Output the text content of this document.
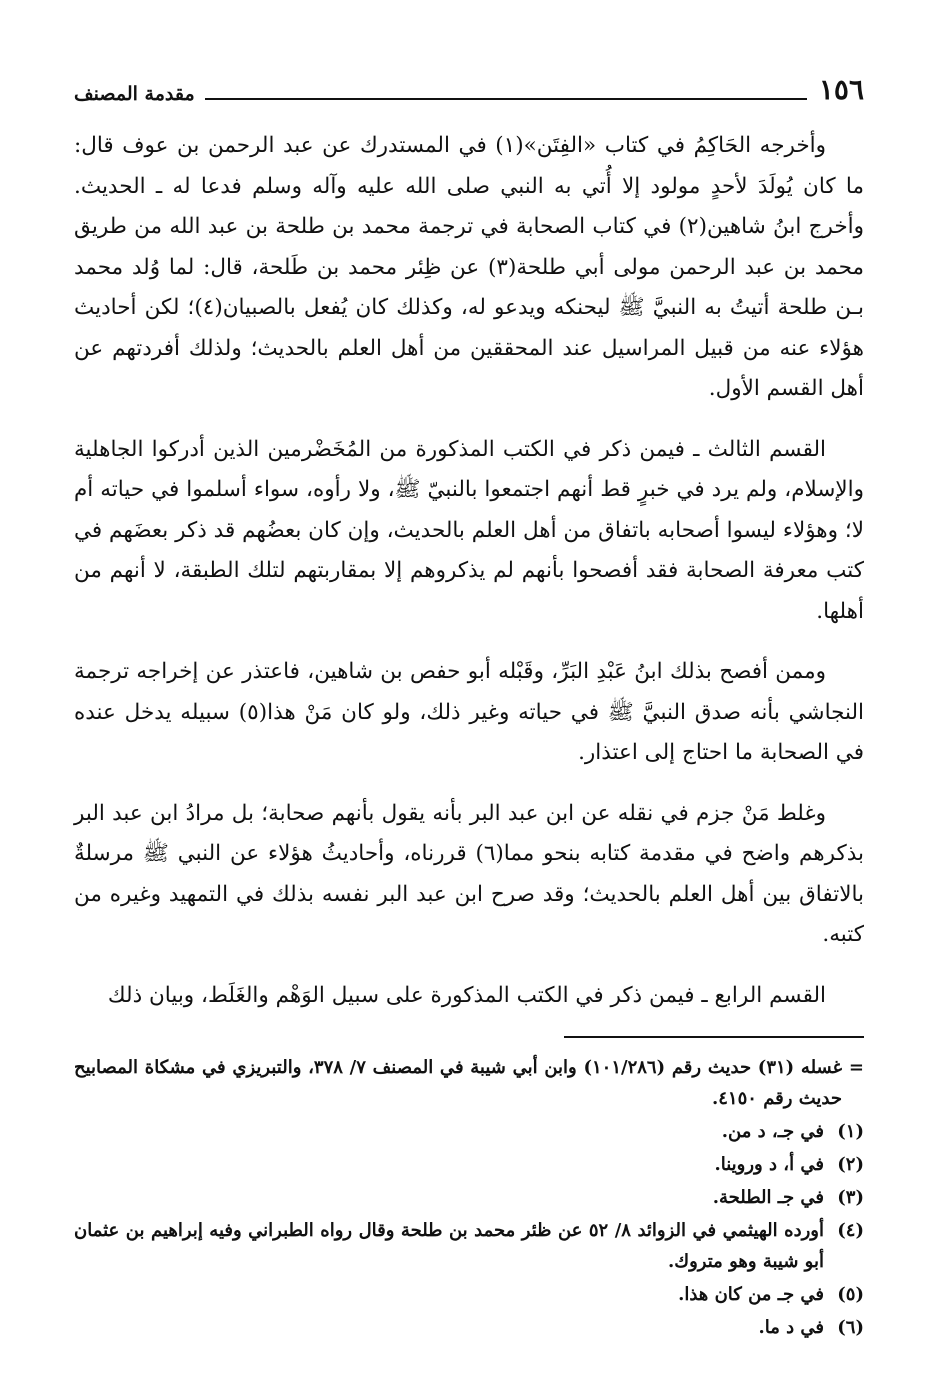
١٥٦
مقدمة المصنف

وأخرجه الحَاكِمُ في كتاب «الفِتَن»(١) في المستدرك عن عبد الرحمن بن عوف قال: ما كان يُولَدَ لأحدٍ مولود إلا أُتي به النبي صلى الله عليه وآله وسلم فدعا له ـ الحديث. وأخرج ابنُ شاهين(٢) في كتاب الصحابة في ترجمة محمد بن طلحة بن عبد الله من طريق محمد بن عبد الرحمن مولى أبي طلحة(٣) عن ظِئر محمد بن طَلحة، قال: لما وُلد محمد بـن طلحة أتيتُ به النبيَّ ﷺ ليحنكه ويدعو له، وكذلك كان يُفعل بالصبيان(٤)؛ لكن أحاديث هؤلاء عنه من قبيل المراسيل عند المحققين من أهل العلم بالحديث؛ ولذلك أفردتهم عن أهل القسم الأول.

القسم الثالث ـ فيمن ذكر في الكتب المذكورة من المُخَضْرمين الذين أدركوا الجاهلية والإسلام، ولم يرد في خبرٍ قط أنهم اجتمعوا بالنبيّ ﷺ، ولا رأوه، سواء أسلموا في حياته أم لا؛ وهؤلاء ليسوا أصحابه باتفاق من أهل العلم بالحديث، وإن كان بعضُهم قد ذكر بعضَهم في كتب معرفة الصحابة فقد أفصحوا بأنهم لم يذكروهم إلا بمقاربتهم لتلك الطبقة، لا أنهم من أهلها.

وممن أفصح بذلك ابنُ عَبْدِ البَرِّ، وقَبْله أبو حفص بن شاهين، فاعتذر عن إخراجه ترجمة النجاشي بأنه صدق النبيَّ ﷺ في حياته وغير ذلك، ولو كان مَنْ هذا(٥) سبيله يدخل عنده في الصحابة ما احتاج إلى اعتذار.

وغلط مَنْ جزم في نقله عن ابن عبد البر بأنه يقول بأنهم صحابة؛ بل مرادُ ابن عبد البر بذكرهم واضح في مقدمة كتابه بنحو مما(٦) قررناه، وأحاديثُ هؤلاء عن النبي ﷺ مرسلةٌ بالاتفاق بين أهل العلم بالحديث؛ وقد صرح ابن عبد البر نفسه بذلك في التمهيد وغيره من كتبه.

القسم الرابع ـ فيمن ذكر في الكتب المذكورة على سبيل الوَهْم والغَلَط، وبيان ذلك

=
غسله (٣١) حديث رقم (١٠١/٢٨٦) وابن أبي شيبة في المصنف ٧/ ٣٧٨، والتبريزي في مشكاة المصابيح حديث رقم ٤١٥٠.
(١)
في جـ، د من.
(٢)
في أ، د وروينا.
(٣)
في جـ الطلحة.
(٤)
أورده الهيثمي في الزوائد ٨/ ٥٢ عن ظئر محمد بن طلحة وقال رواه الطبراني وفيه إبراهيم بن عثمان أبو شيبة وهو متروك.
(٥)
في جـ من كان هذا.
(٦)
في د ما.
